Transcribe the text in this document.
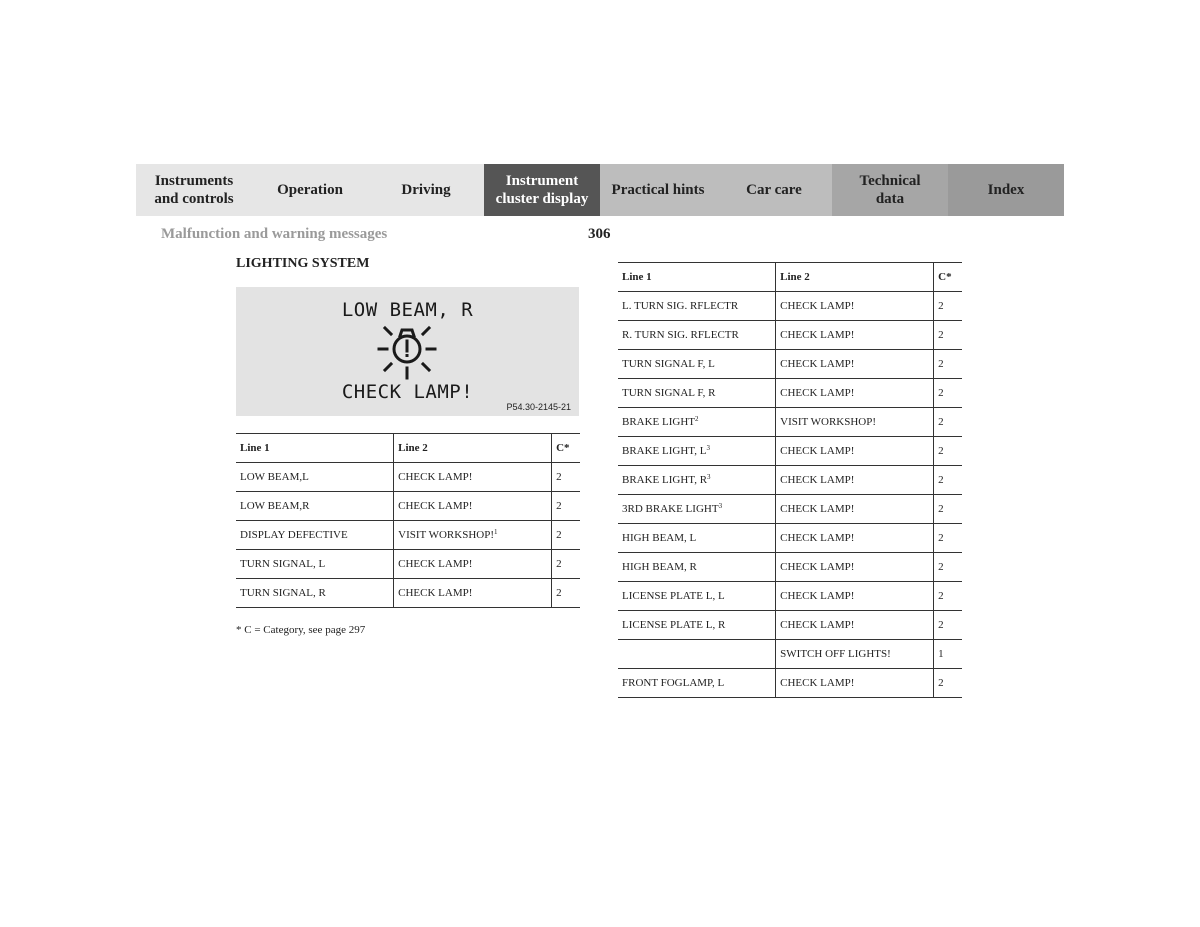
Instruments
and controls
Operation	Driving
Instrument
cluster display
Practical hints	Car care
Technical
data
Index
Malfunction and warning messages	306
LIGHTING SYSTEM
LOW BEAM, R
CHECK LAMP!
P54.30-2145-21
Line 1	Line 2	C*
LOW BEAM,L	CHECK LAMP!	2
LOW BEAM,R	CHECK LAMP!	2
DISPLAY DEFECTIVE	VISIT WORKSHOP!$^1$	2
TURN SIGNAL, L	CHECK LAMP!	2
TURN SIGNAL, R	CHECK LAMP!	2
* C = Category, see page 297
Line 1	Line 2	C*
L. TURN SIG. RFLECTR	CHECK LAMP!	2
R. TURN SIG. RFLECTR	CHECK LAMP!	2
TURN SIGNAL F, L	CHECK LAMP!	2
TURN SIGNAL F, R	CHECK LAMP!	2
BRAKE LIGHT$^2$	VISIT WORKSHOP!	2
BRAKE LIGHT, $L^3$	CHECK LAMP!	2
BRAKE LIGHT, $R^3$	CHECK LAMP!	2
3RD BRAKE LIGHT$^3$	CHECK LAMP!	2
HIGH BEAM, L	CHECK LAMP!	2
HIGH BEAM, R	CHECK LAMP!	2
LICENSE PLATE L, L	CHECK LAMP!	2
LICENSE PLATE L, R	CHECK LAMP!	2
	SWITCH OFF LIGHTS!	1
FRONT FOGLAMP, L	CHECK LAMP!	2
